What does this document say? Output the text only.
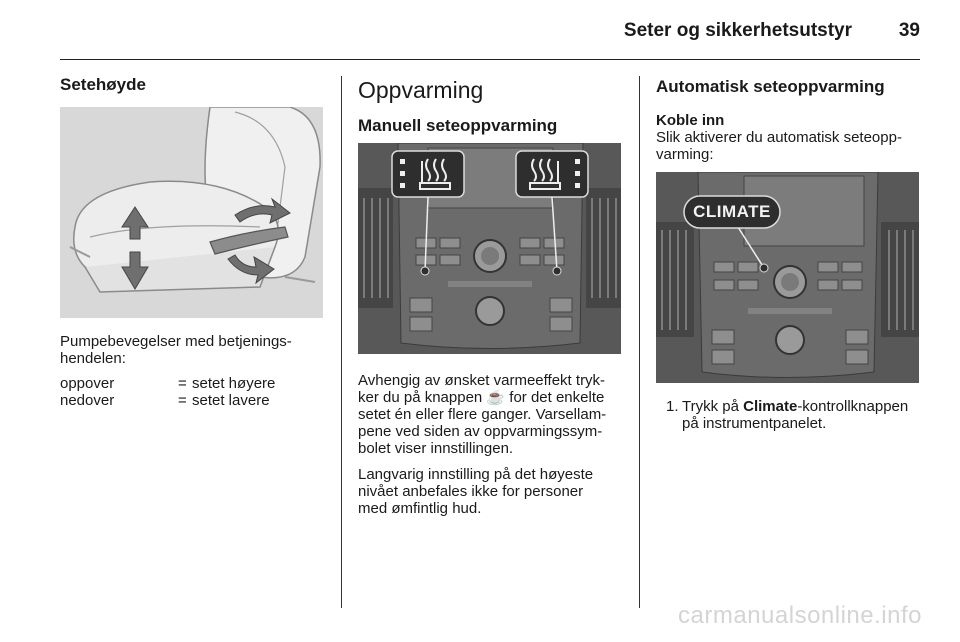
Seter og sikkerhetsutstyr 39
Setehøyde
Pumpebevegelser med betjenings-
hendelen:
oppover	= setet høyere
nedover	= setet lavere
Oppvarming
Manuell seteoppvarming
Avhengig av ønsket varmeeffekt tryk-
ker du på knappen ☕ for det enkelte
setet én eller flere ganger. Varsellam-
pene ved siden av oppvarmingssym-
bolet viser innstillingen.
Langvarig innstilling på det høyeste
nivået anbefales ikke for personer
med ømfintlig hud.
Automatisk seteoppvarming
Koble inn
Slik aktiverer du automatisk seteopp-
varming:
CLIMATE
1. Trykk på Climate-kontrollknappen
på instrumentpanelet.
carmanualsonline.info
